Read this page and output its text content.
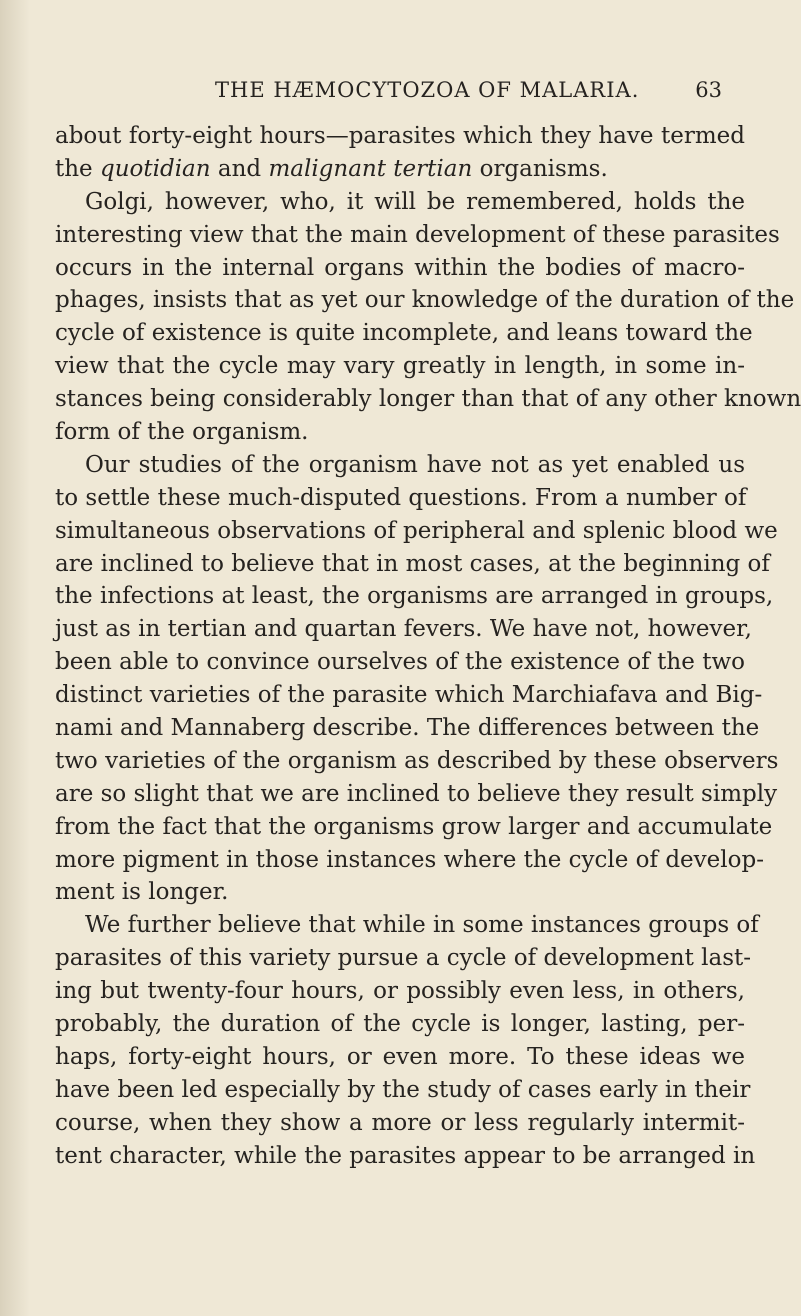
THE HÆMOCYTOZOA OF MALARIA.	63
about forty-eight hours—parasites which they have termed
the quotidian and malignant tertian organisms.
Golgi, however, who, it will be remembered, holds the
interesting view that the main development of these parasites
occurs in the internal organs within the bodies of macro-
phages, insists that as yet our knowledge of the duration of the
cycle of existence is quite incomplete, and leans toward the
view that the cycle may vary greatly in length, in some in-
stances being considerably longer than that of any other known
form of the organism.
Our studies of the organism have not as yet enabled us
to settle these much-disputed questions. From a number of
simultaneous observations of peripheral and splenic blood we
are inclined to believe that in most cases, at the beginning of
the infections at least, the organisms are arranged in groups,
just as in tertian and quartan fevers. We have not, however,
been able to convince ourselves of the existence of the two
distinct varieties of the parasite which Marchiafava and Big-
nami and Mannaberg describe. The differences between the
two varieties of the organism as described by these observers
are so slight that we are inclined to believe they result simply
from the fact that the organisms grow larger and accumulate
more pigment in those instances where the cycle of develop-
ment is longer.
We further believe that while in some instances groups of
parasites of this variety pursue a cycle of development last-
ing but twenty-four hours, or possibly even less, in others,
probably, the duration of the cycle is longer, lasting, per-
haps, forty-eight hours, or even more. To these ideas we
have been led especially by the study of cases early in their
course, when they show a more or less regularly intermit-
tent character, while the parasites appear to be arranged in
